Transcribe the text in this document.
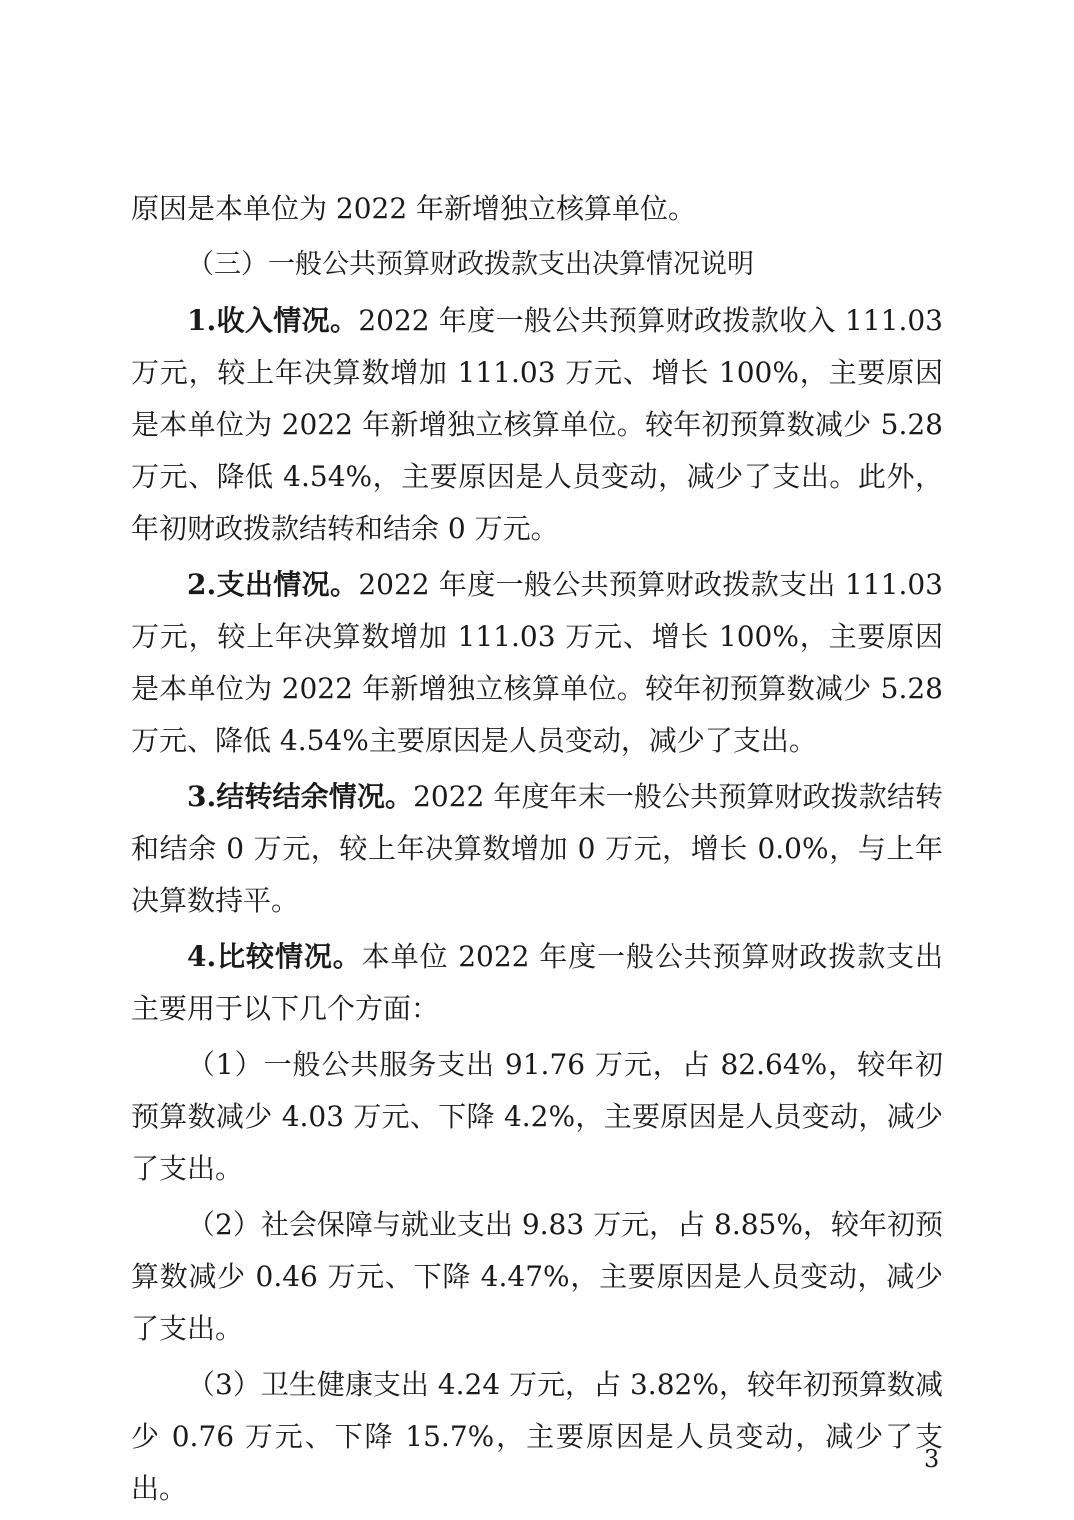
原因是本单位为 2022 年新增独立核算单位。

（三）一般公共预算财政拨款支出决算情况说明

1.收入情况。2022 年度一般公共预算财政拨款收入 111.03 万元，较上年决算数增加 111.03 万元、增长 100%，主要原因是本单位为 2022 年新增独立核算单位。较年初预算数减少 5.28 万元、降低 4.54%，主要原因是人员变动，减少了支出。此外，年初财政拨款结转和结余 0 万元。

2.支出情况。2022 年度一般公共预算财政拨款支出 111.03 万元，较上年决算数增加 111.03 万元、增长 100%，主要原因是本单位为 2022 年新增独立核算单位。较年初预算数减少 5.28 万元、降低 4.54%主要原因是人员变动，减少了支出。

3.结转结余情况。2022 年度年末一般公共预算财政拨款结转和结余 0 万元，较上年决算数增加 0 万元，增长 0.0%，与上年决算数持平。

4.比较情况。本单位 2022 年度一般公共预算财政拨款支出主要用于以下几个方面：

（1）一般公共服务支出 91.76 万元，占 82.64%，较年初预算数减少 4.03 万元、下降 4.2%，主要原因是人员变动，减少了支出。

（2）社会保障与就业支出 9.83 万元，占 8.85%，较年初预算数减少 0.46 万元、下降 4.47%，主要原因是人员变动，减少了支出。

（3）卫生健康支出 4.24 万元，占 3.82%，较年初预算数减少 0.76 万元、下降 15.7%，主要原因是人员变动，减少了支出。

3
